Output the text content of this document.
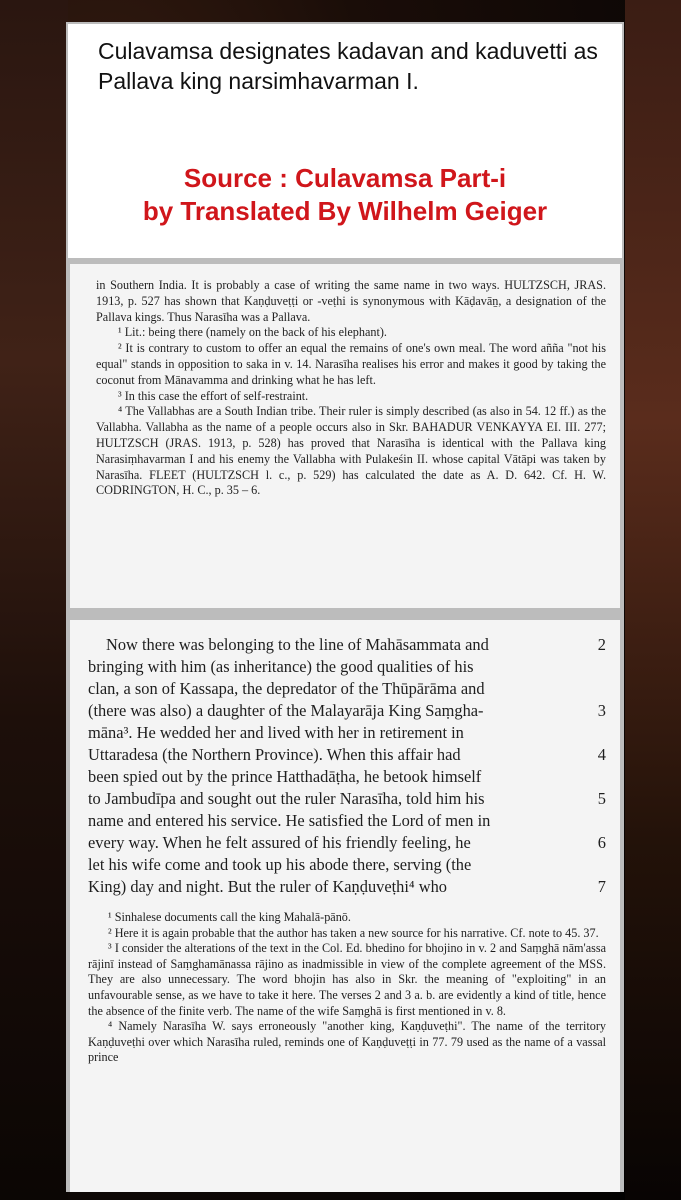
Culavamsa designates kadavan and kaduvetti as Pallava king narsimhavarman I.
Source : Culavamsa Part-i
by Translated By Wilhelm Geiger

in Southern India. It is probably a case of writing the same name in two ways. HULTZSCH, JRAS. 1913, p. 527 has shown that Kaṇḍuveṭṭi or -veṭhi is synonymous with Kāḍavāṉ, a designation of the Pallava kings. Thus Narasīha was a Pallava.

¹ Lit.: being there (namely on the back of his elephant).

² It is contrary to custom to offer an equal the remains of one's own meal. The word añña "not his equal" stands in opposition to saka in v. 14. Narasīha realises his error and makes it good by taking the coconut from Mānavamma and drinking what he has left.

³ In this case the effort of self-restraint.

⁴ The Vallabhas are a South Indian tribe. Their ruler is simply described (as also in 54. 12 ff.) as the Vallabha. Vallabha as the name of a people occurs also in Skr. BAHADUR VENKAYYA EI. III. 277; HULTZSCH (JRAS. 1913, p. 528) has proved that Narasīha is identical with the Pallava king Narasiṃhavarman I and his enemy the Vallabha with Pulakeśin II. whose capital Vātāpi was taken by Narasīha. FLEET (HULTZSCH l. c., p. 529) has calculated the date as A. D. 642. Cf. H. W. CODRINGTON, H. C., p. 35 – 6.

Now there was belonging to the line of Mahāsammata and	2
bringing with him (as inheritance) the good qualities of his
clan, a son of Kassapa, the depredator of the Thūpārāma and
(there was also) a daughter of the Malayarāja King Saṃgha-	3
māna³. He wedded her and lived with her in retirement in
Uttaradesa (the Northern Province). When this affair had	4
been spied out by the prince Hatthadāṭha, he betook himself
to Jambudīpa and sought out the ruler Narasīha, told him his	5
name and entered his service. He satisfied the Lord of men in
every way. When he felt assured of his friendly feeling, he	6
let his wife come and took up his abode there, serving (the
King) day and night. But the ruler of Kaṇḍuveṭhi⁴ who	7

¹ Sinhalese documents call the king Mahalā-pānō.

² Here it is again probable that the author has taken a new source for his narrative. Cf. note to 45. 37.

³ I consider the alterations of the text in the Col. Ed. bhedino for bhojino in v. 2 and Saṃghā nām'assa rājinī instead of Saṃghamānassa rājino as inadmissible in view of the complete agreement of the MSS. They are also unnecessary. The word bhojin has also in Skr. the meaning of "exploiting" in an unfavourable sense, as we have to take it here. The verses 2 and 3 a. b. are evidently a kind of title, hence the absence of the finite verb. The name of the wife Saṃghā is first mentioned in v. 8.

⁴ Namely Narasīha W. says erroneously "another king, Kaṇḍuveṭhi". The name of the territory Kaṇḍuveṭhi over which Narasīha ruled, reminds one of Kaṇḍuveṭṭi in 77. 79 used as the name of a vassal prince
